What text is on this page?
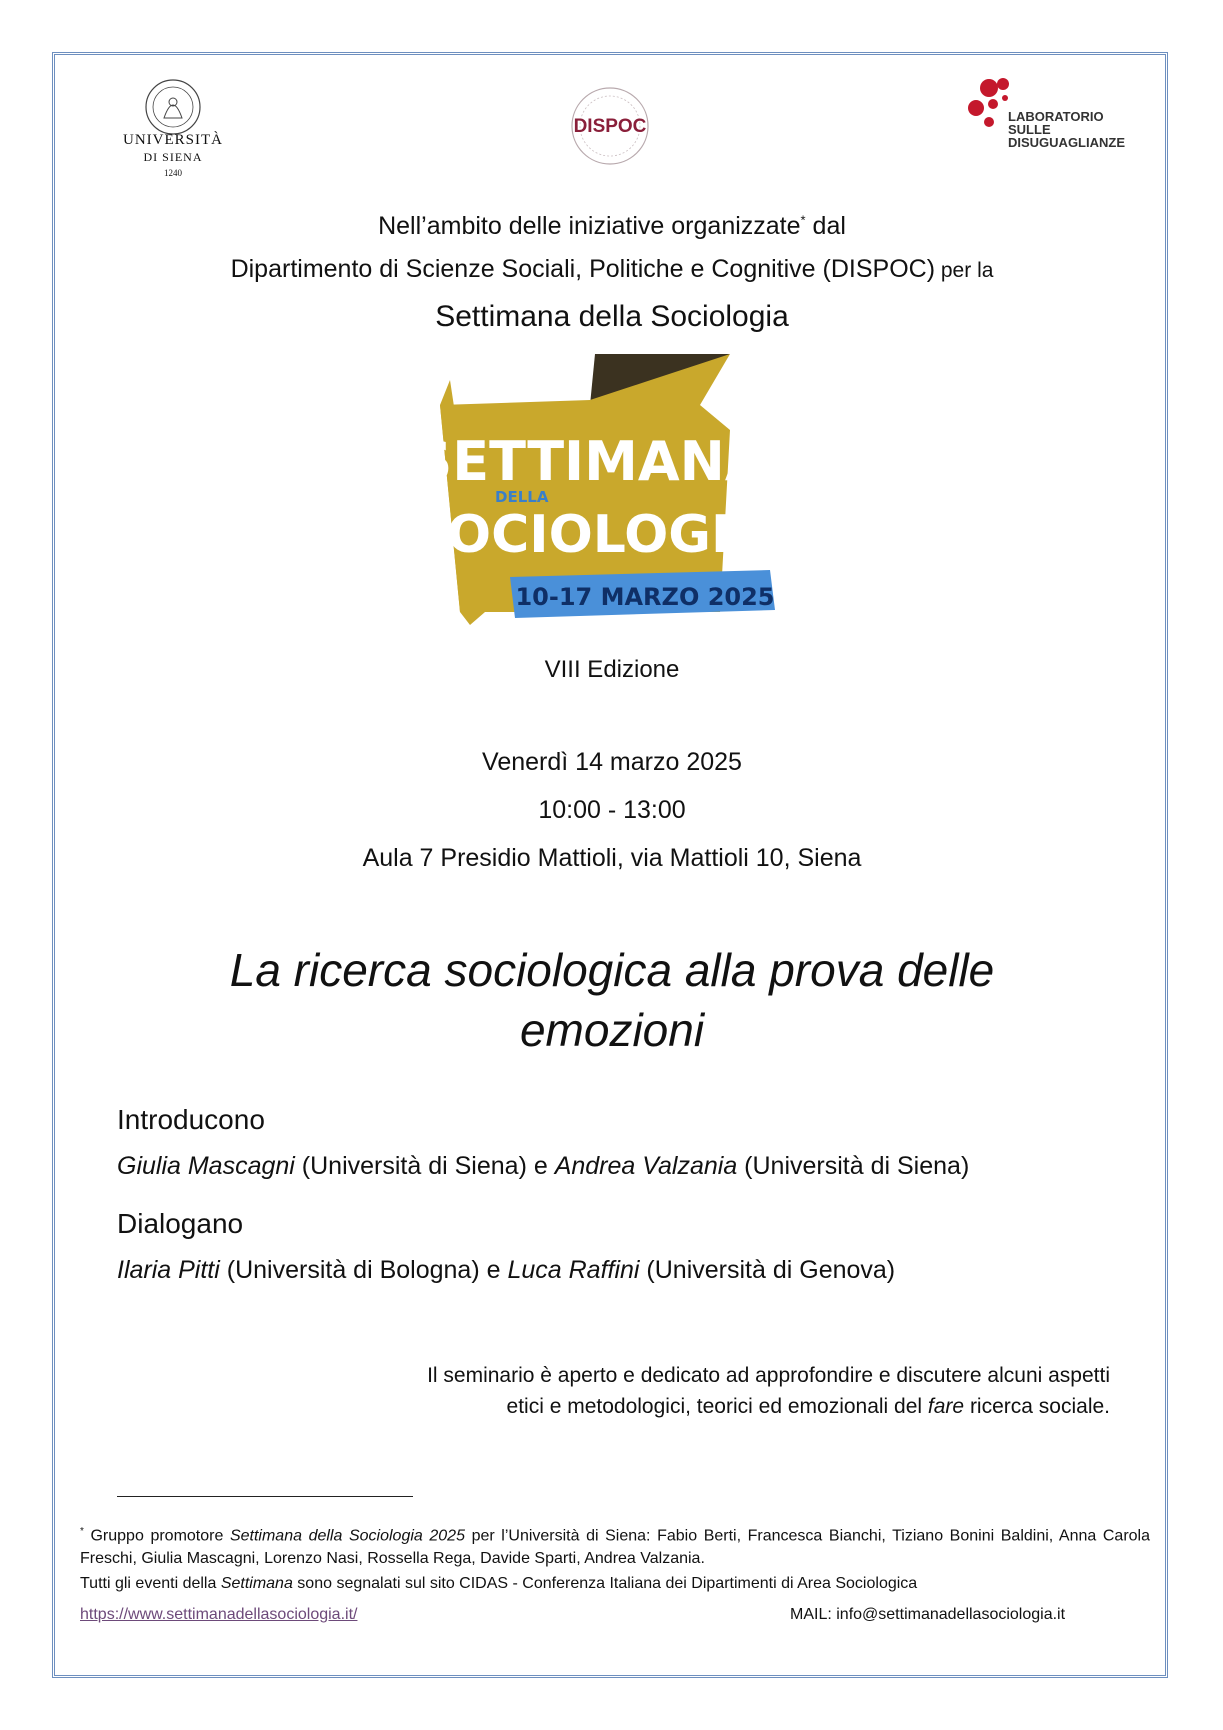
UNIVERSITÀ
DI SIENA
1240
DISPOC	LABORATORIO
SULLE
DISUGUAGLIANZE
Nell’ambito delle iniziative organizzate* dal
Dipartimento di Scienze Sociali, Politiche e Cognitive (DISPOC) per la
Settimana della Sociologia
SETTIMANA
DELLA
SOCIOLOGIA
10-17 MARZO 2025
VIII Edizione
Venerdì 14 marzo 2025
10:00 - 13:00
Aula 7 Presidio Mattioli, via Mattioli 10, Siena
La ricerca sociologica alla prova delle
emozioni
Introducono
Giulia Mascagni (Università di Siena) e Andrea Valzania (Università di Siena)
Dialogano
Ilaria Pitti (Università di Bologna) e Luca Raffini (Università di Genova)
Il seminario è aperto e dedicato ad approfondire e discutere alcuni aspetti
etici e metodologici, teorici ed emozionali del fare ricerca sociale.
* Gruppo promotore Settimana della Sociologia 2025 per l’Università di Siena: Fabio Berti, Francesca Bianchi, Tiziano Bonini Baldini, Anna Carola Freschi, Giulia Mascagni, Lorenzo Nasi, Rossella Rega, Davide Sparti, Andrea Valzania.
Tutti gli eventi della Settimana sono segnalati sul sito CIDAS - Conferenza Italiana dei Dipartimenti di Area Sociologica
https://www.settimanadellasociologia.it/	MAIL: info@settimanadellasociologia.it
